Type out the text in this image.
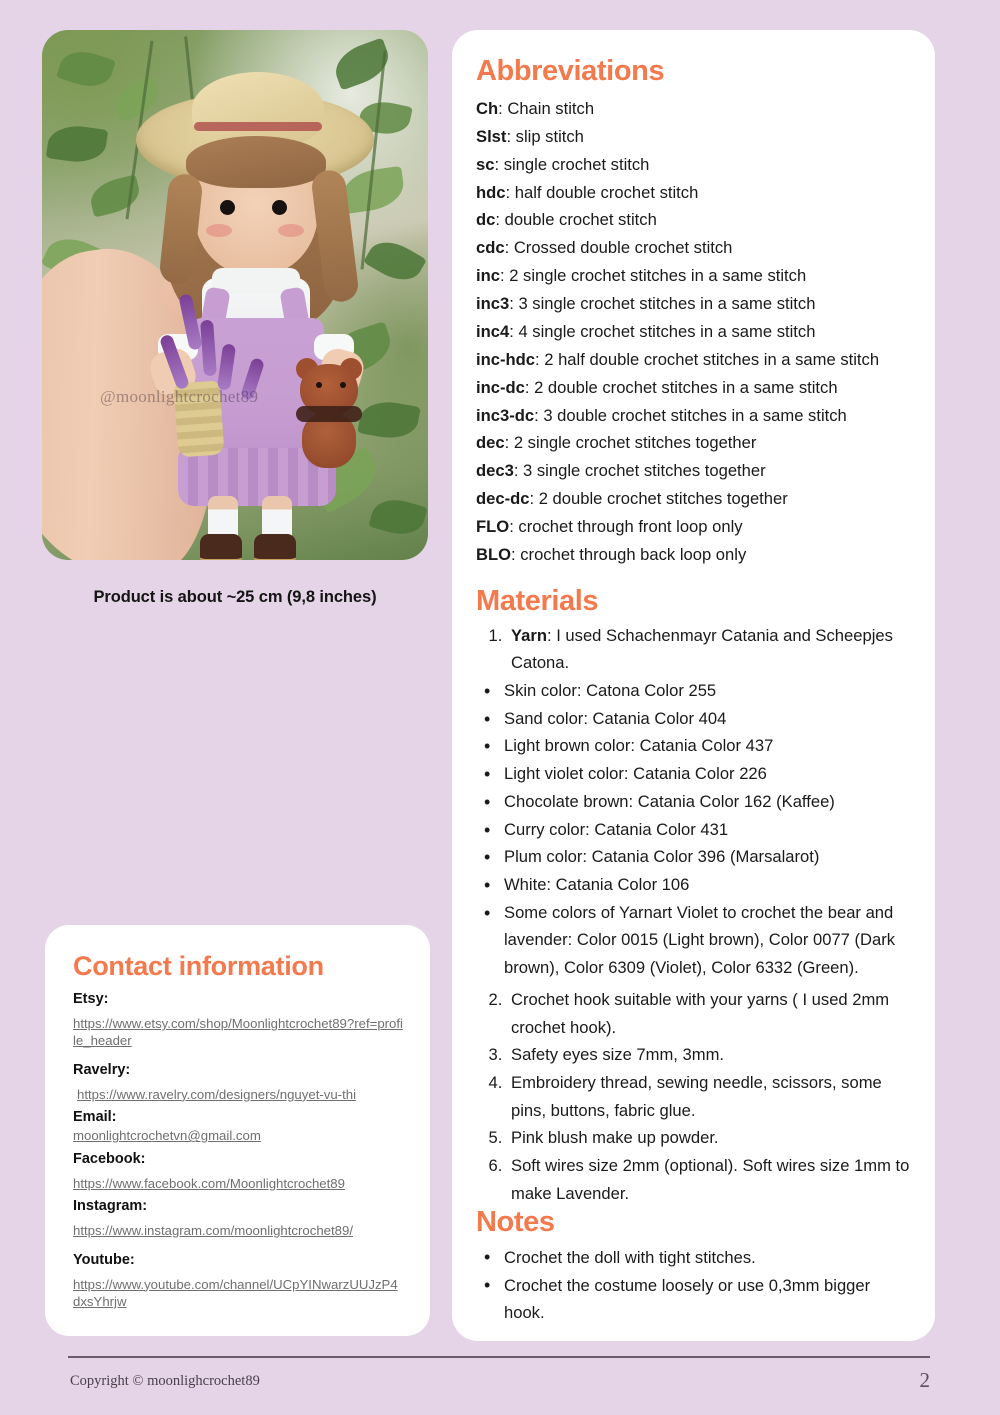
@moonlightcrochet89
Product is about ~25 cm (9,8 inches)
Contact information
Etsy:
https://www.etsy.com/shop/Moonlightcrochet89?ref=profile_header
Ravelry:
https://www.ravelry.com/designers/nguyet-vu-thi
Email:
moonlightcrochetvn@gmail.com
Facebook:
https://www.facebook.com/Moonlightcrochet89
Instagram:
https://www.instagram.com/moonlightcrochet89/
Youtube:
https://www.youtube.com/channel/UCpYINwarzUUJzP4dxsYhrjw
Abbreviations
Ch: Chain stitch
Slst: slip stitch
sc: single crochet stitch
hdc: half double crochet stitch
dc: double crochet stitch
cdc: Crossed double crochet stitch
inc: 2 single crochet stitches in a same stitch
inc3: 3 single crochet stitches in a same stitch
inc4: 4 single crochet stitches in a same stitch
inc-hdc: 2 half double crochet stitches in a same stitch
inc-dc: 2 double crochet stitches in a same stitch
inc3-dc: 3 double crochet stitches in a same stitch
dec: 2 single crochet stitches together
dec3: 3 single crochet stitches together
dec-dc: 2 double crochet stitches together
FLO: crochet through front loop only
BLO: crochet through back loop only
Materials
1. Yarn: I used Schachenmayr Catania and Scheepjes Catona.
• Skin color: Catona Color 255
• Sand color: Catania Color 404
• Light brown color: Catania Color 437
• Light violet color: Catania Color 226
• Chocolate brown: Catania Color 162 (Kaffee)
• Curry color: Catania Color 431
• Plum color: Catania Color 396 (Marsalarot)
• White: Catania Color 106
• Some colors of Yarnart Violet to crochet the bear and lavender: Color 0015 (Light brown), Color 0077 (Dark brown), Color 6309 (Violet), Color 6332 (Green).
2. Crochet hook suitable with your yarns ( I used 2mm crochet hook).
3. Safety eyes size 7mm, 3mm.
4. Embroidery thread, sewing needle, scissors, some pins, buttons, fabric glue.
5. Pink blush make up powder.
6. Soft wires size 2mm (optional). Soft wires size 1mm to make Lavender.
Notes
• Crochet the doll with tight stitches.
• Crochet the costume loosely or use 0,3mm bigger hook.
Copyright © moonlighcrochet89	2
